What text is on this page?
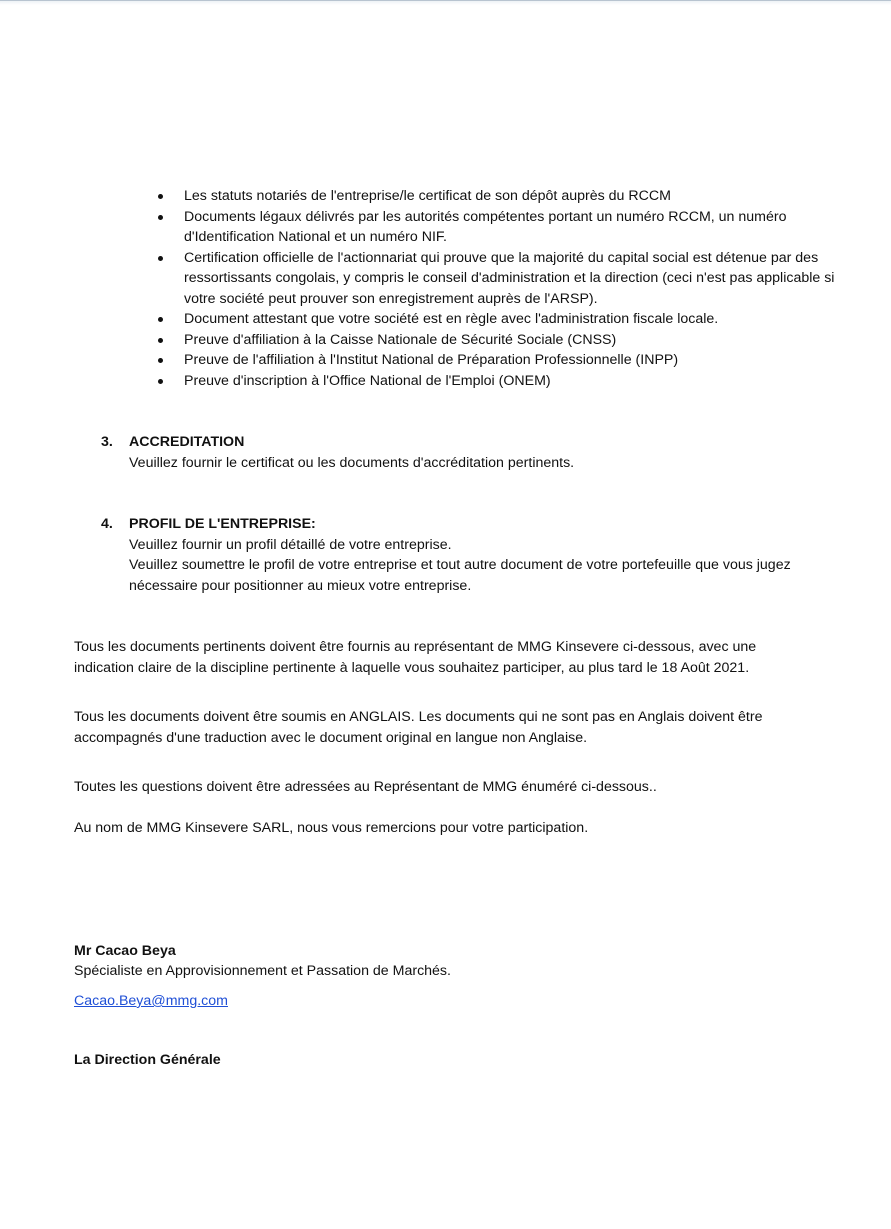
Les statuts notariés de l'entreprise/le certificat de son dépôt auprès du RCCM
Documents légaux délivrés par les autorités compétentes portant un numéro RCCM, un numéro d'Identification National et un numéro NIF.
Certification officielle de l'actionnariat qui prouve que la majorité du capital social est détenue par des ressortissants congolais, y compris le conseil d'administration et la direction (ceci n'est pas applicable si votre société peut prouver son enregistrement auprès de l'ARSP).
Document attestant que votre société est en règle avec l'administration fiscale locale.
Preuve d'affiliation à la Caisse Nationale de Sécurité Sociale (CNSS)
Preuve de l'affiliation à l'Institut National de Préparation Professionnelle (INPP)
Preuve d'inscription à l'Office National de l'Emploi (ONEM)
3. ACCREDITATION
Veuillez fournir le certificat ou les documents d'accréditation pertinents.
4. PROFIL DE L'ENTREPRISE:
Veuillez fournir un profil détaillé de votre entreprise.
Veuillez soumettre le profil de votre entreprise et tout autre document de votre portefeuille que vous jugez nécessaire pour positionner au mieux votre entreprise.
Tous les documents pertinents doivent être fournis au représentant de MMG Kinsevere ci-dessous, avec une indication claire de la discipline pertinente à laquelle vous souhaitez participer, au plus tard le 18 Août 2021.
Tous les documents doivent être soumis en ANGLAIS. Les documents qui ne sont pas en Anglais doivent être accompagnés d'une traduction avec le document original en langue non Anglaise.
Toutes les questions doivent être adressées au Représentant de MMG énuméré ci-dessous..
Au nom de MMG Kinsevere SARL, nous vous remercions pour votre participation.
Mr Cacao Beya
Spécialiste en Approvisionnement et Passation de Marchés.
Cacao.Beya@mmg.com
La Direction Générale
